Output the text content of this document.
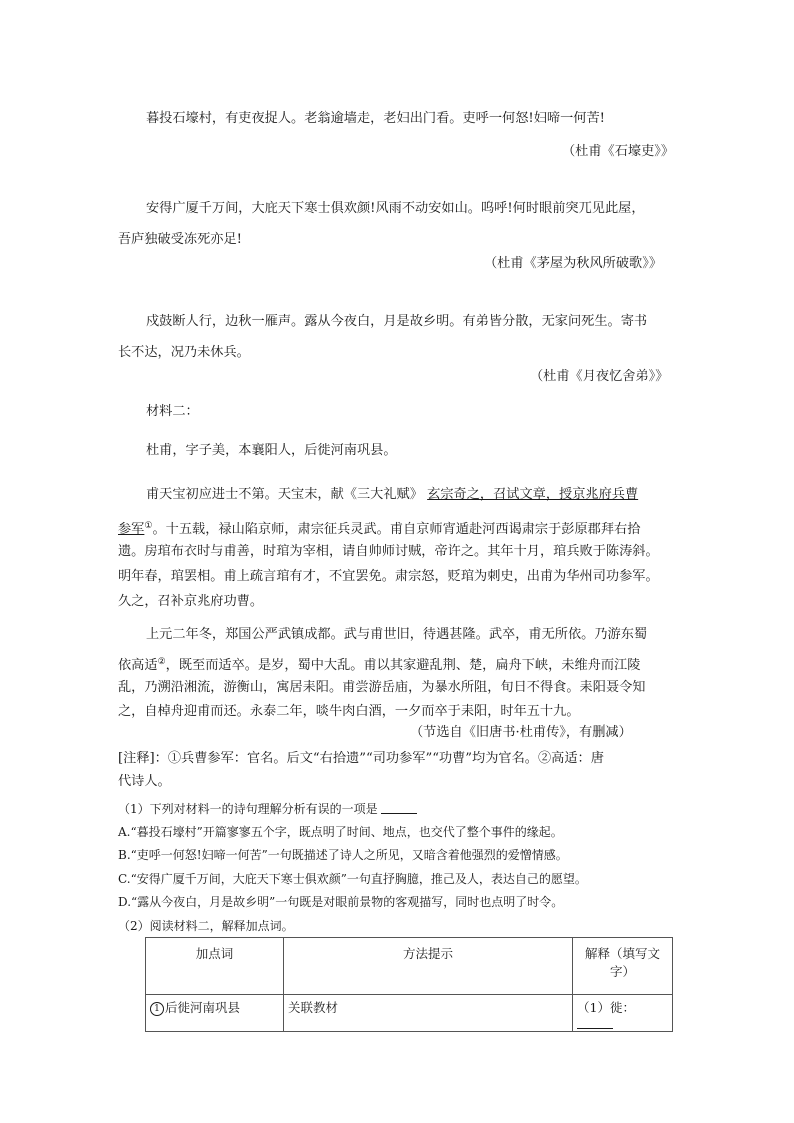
暮投石壕村，有吏夜捉人。老翁逾墙走，老妇出门看。吏呼一何怒!妇啼一何苦!
（杜甫《石壕吏》》
安得广厦千万间，大庇天下寒士俱欢颜!风雨不动安如山。呜呼!何时眼前突兀见此屋，
吾庐独破受冻死亦足!
（杜甫《茅屋为秋风所破歌》》
戍鼓断人行，边秋一雁声。露从今夜白，月是故乡明。有弟皆分散，无家问死生。寄书
长不达，况乃未休兵。
（杜甫《月夜忆舍弟》》
材料二：
杜甫，字子美，本襄阳人，后徙河南巩县。
甫天宝初应进士不第。天宝末，献《三大礼赋》 玄宗奇之，召试文章，授京兆府兵曹
参军①。十五载，禄山陷京师，肃宗征兵灵武。甫自京师宵遁赴河西谒肃宗于彭原郡拜右拾
遗。房琯布衣时与甫善，时琯为宰相，请自帅师讨贼，帝许之。其年十月，琯兵败于陈涛斜。
明年春，琯罢相。甫上疏言琯有才，不宜罢免。肃宗怒，贬琯为刺史，出甫为华州司功参军。
久之，召补京兆府功曹。
上元二年冬，郑国公严武镇成都。武与甫世旧，待遇甚隆。武卒，甫无所依。乃游东蜀
依高适②，既至而适卒。是岁，蜀中大乱。甫以其家避乱荆、楚，扁舟下峡，未维舟而江陵
乱，乃溯沿湘流，游衡山，寓居耒阳。甫尝游岳庙，为暴水所阻，旬日不得食。耒阳聂令知
之，自棹舟迎甫而还。永泰二年，啖牛肉白酒，一夕而卒于耒阳，时年五十九。
（节选自《旧唐书·杜甫传》，有删减）
[注释]：①兵曹参军：官名。后文“右拾遗”“司功参军”“功曹”均为官名。②高适：唐
代诗人。
（1）下列对材料一的诗句理解分析有误的一项是
A.“暮投石壕村”开篇寥寥五个字，既点明了时间、地点，也交代了整个事件的缘起。
B.“吏呼一何怒!妇啼一何苦”一句既描述了诗人之所见，又暗含着他强烈的爱憎情感。
C.“安得广厦千万间，大庇天下寒士俱欢颜”一句直抒胸臆，推己及人，表达自己的愿望。
D.“露从今夜白，月是故乡明”一句既是对眼前景物的客观描写，同时也点明了时令。
（2）阅读材料二，解释加点词。
加点词	方法提示	解释（填写文
字）
1 后徙河南巩县	关联教材	（1）徙：
